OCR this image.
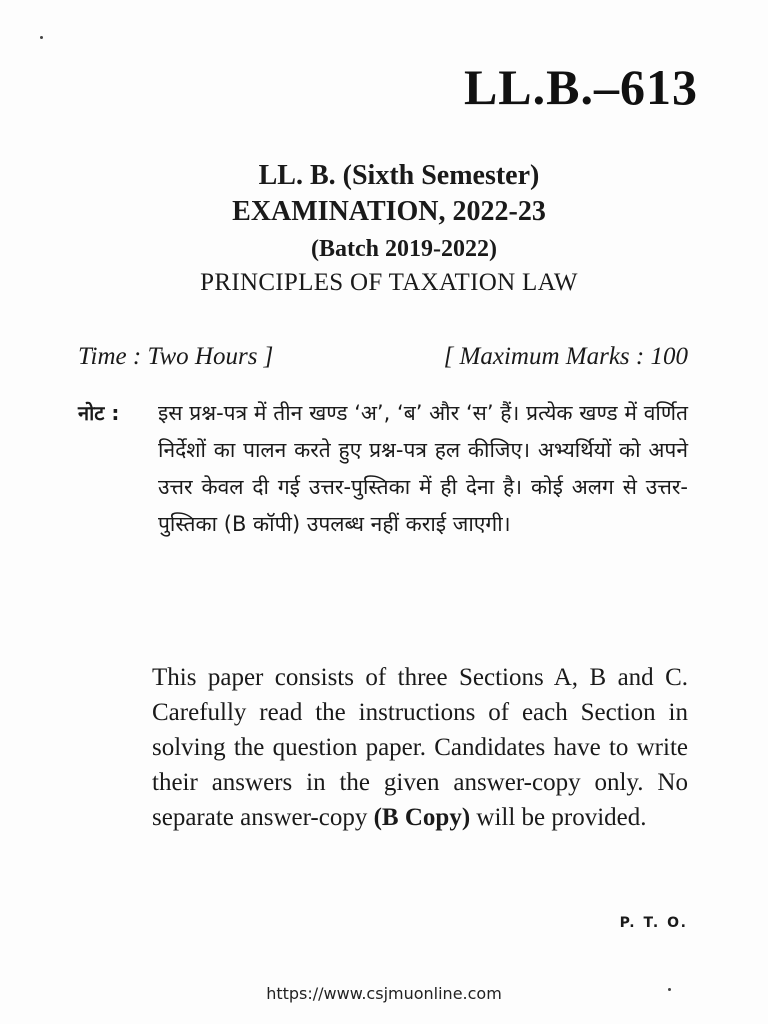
LL.B.–613
LL. B. (Sixth Semester)
EXAMINATION, 2022-23
(Batch 2019-2022)
PRINCIPLES OF TAXATION LAW
Time : Two Hours ]	[ Maximum Marks : 100
नोट :	इस प्रश्न-पत्र में तीन खण्ड ‘अ’, ‘ब’ और ‘स’ हैं। प्रत्येक खण्ड में वर्णित निर्देशों का पालन करते हुए प्रश्न-पत्र हल कीजिए। अभ्यर्थियों को अपने उत्तर केवल दी गई उत्तर-पुस्तिका में ही देना है। कोई अलग से उत्तर-पुस्तिका (B कॉपी) उपलब्ध नहीं कराई जाएगी।
This paper consists of three Sections A, B and C. Carefully read the instructions of each Section in solving the question paper. Candidates have to write their answers in the given answer-copy only. No separate answer-copy (B Copy) will be provided.
P. T. O.
https://www.csjmuonline.com
